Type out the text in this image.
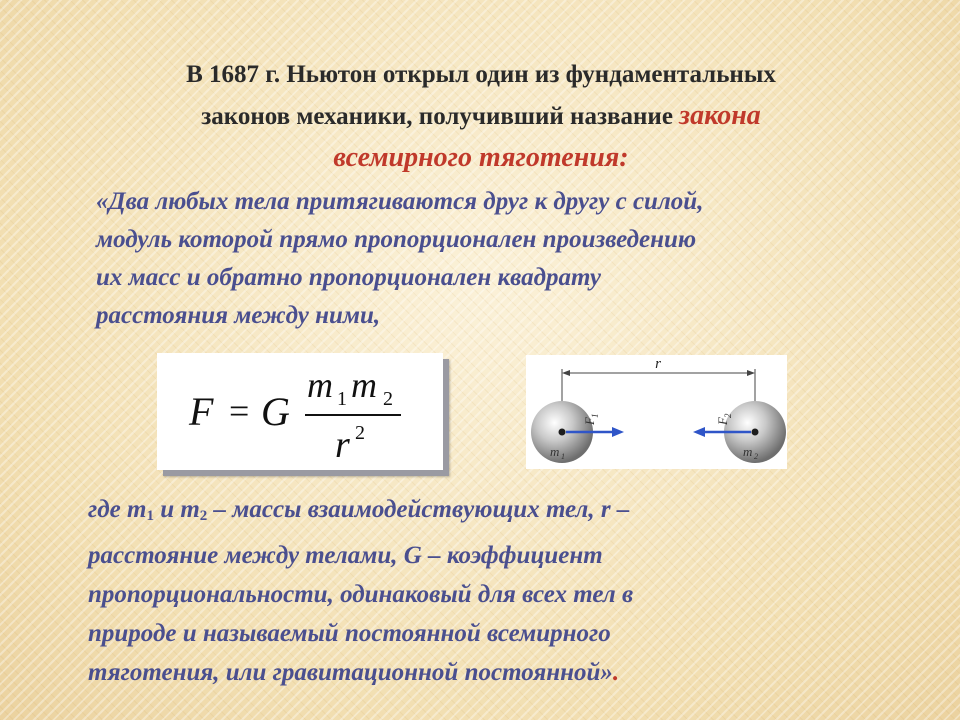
В 1687 г. Ньютон открыл один из фундаментальных
законов механики, получивший название закона
всемирного тяготения:
«Два любых тела притягиваются друг к другу с силой,
модуль которой прямо пропорционален произведению
их масс и обратно пропорционален квадрату
расстояния между ними,
F = G
m 1 m 2
r 2
r
F
1
F
2
m 1	m 2
где $m_1$ и $m_2$ – массы взаимодействующих тел, r –
расстояние между телами, G – коэффициент
пропорциональности, одинаковый для всех тел в
природе и называемый постоянной всемирного
тяготения, или гравитационной постоянной».
